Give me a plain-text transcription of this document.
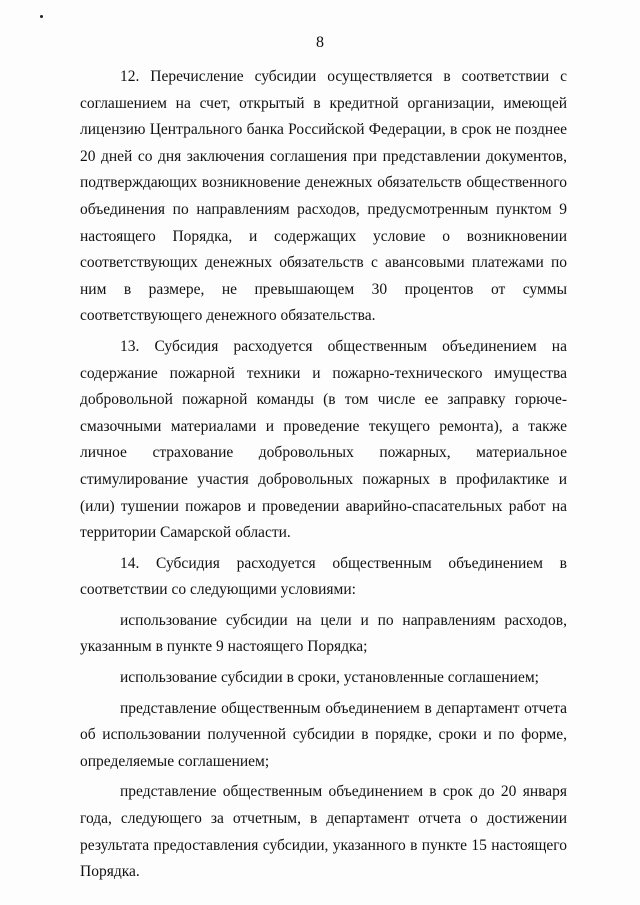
8

12. Перечисление субсидии осуществляется в соответствии с соглашением на счет, открытый в кредитной организации, имеющей лицензию Центрального банка Российской Федерации, в срок не позднее 20 дней со дня заключения соглашения при представлении документов, подтверждающих возникновение денежных обязательств общественного объединения по направлениям расходов, предусмотренным пунктом 9 настоящего Порядка, и содержащих условие о возникновении соответствующих денежных обязательств с авансовыми платежами по ним в размере, не превышающем 30 процентов от суммы соответствующего денежного обязательства.

13. Субсидия расходуется общественным объединением на содержание пожарной техники и пожарно-технического имущества добровольной пожарной команды (в том числе ее заправку горюче-смазочными материалами и проведение текущего ремонта), а также личное страхование добровольных пожарных, материальное стимулирование участия добровольных пожарных в профилактике и (или) тушении пожаров и проведении аварийно-спасательных работ на территории Самарской области.

14. Субсидия расходуется общественным объединением в соответствии со следующими условиями:

использование субсидии на цели и по направлениям расходов, указанным в пункте 9 настоящего Порядка;

использование субсидии в сроки, установленные соглашением;

представление общественным объединением в департамент отчета об использовании полученной субсидии в порядке, сроки и по форме, определяемые соглашением;

представление общественным объединением в срок до 20 января года, следующего за отчетным, в департамент отчета о достижении результата предоставления субсидии, указанного в пункте 15 настоящего Порядка.
